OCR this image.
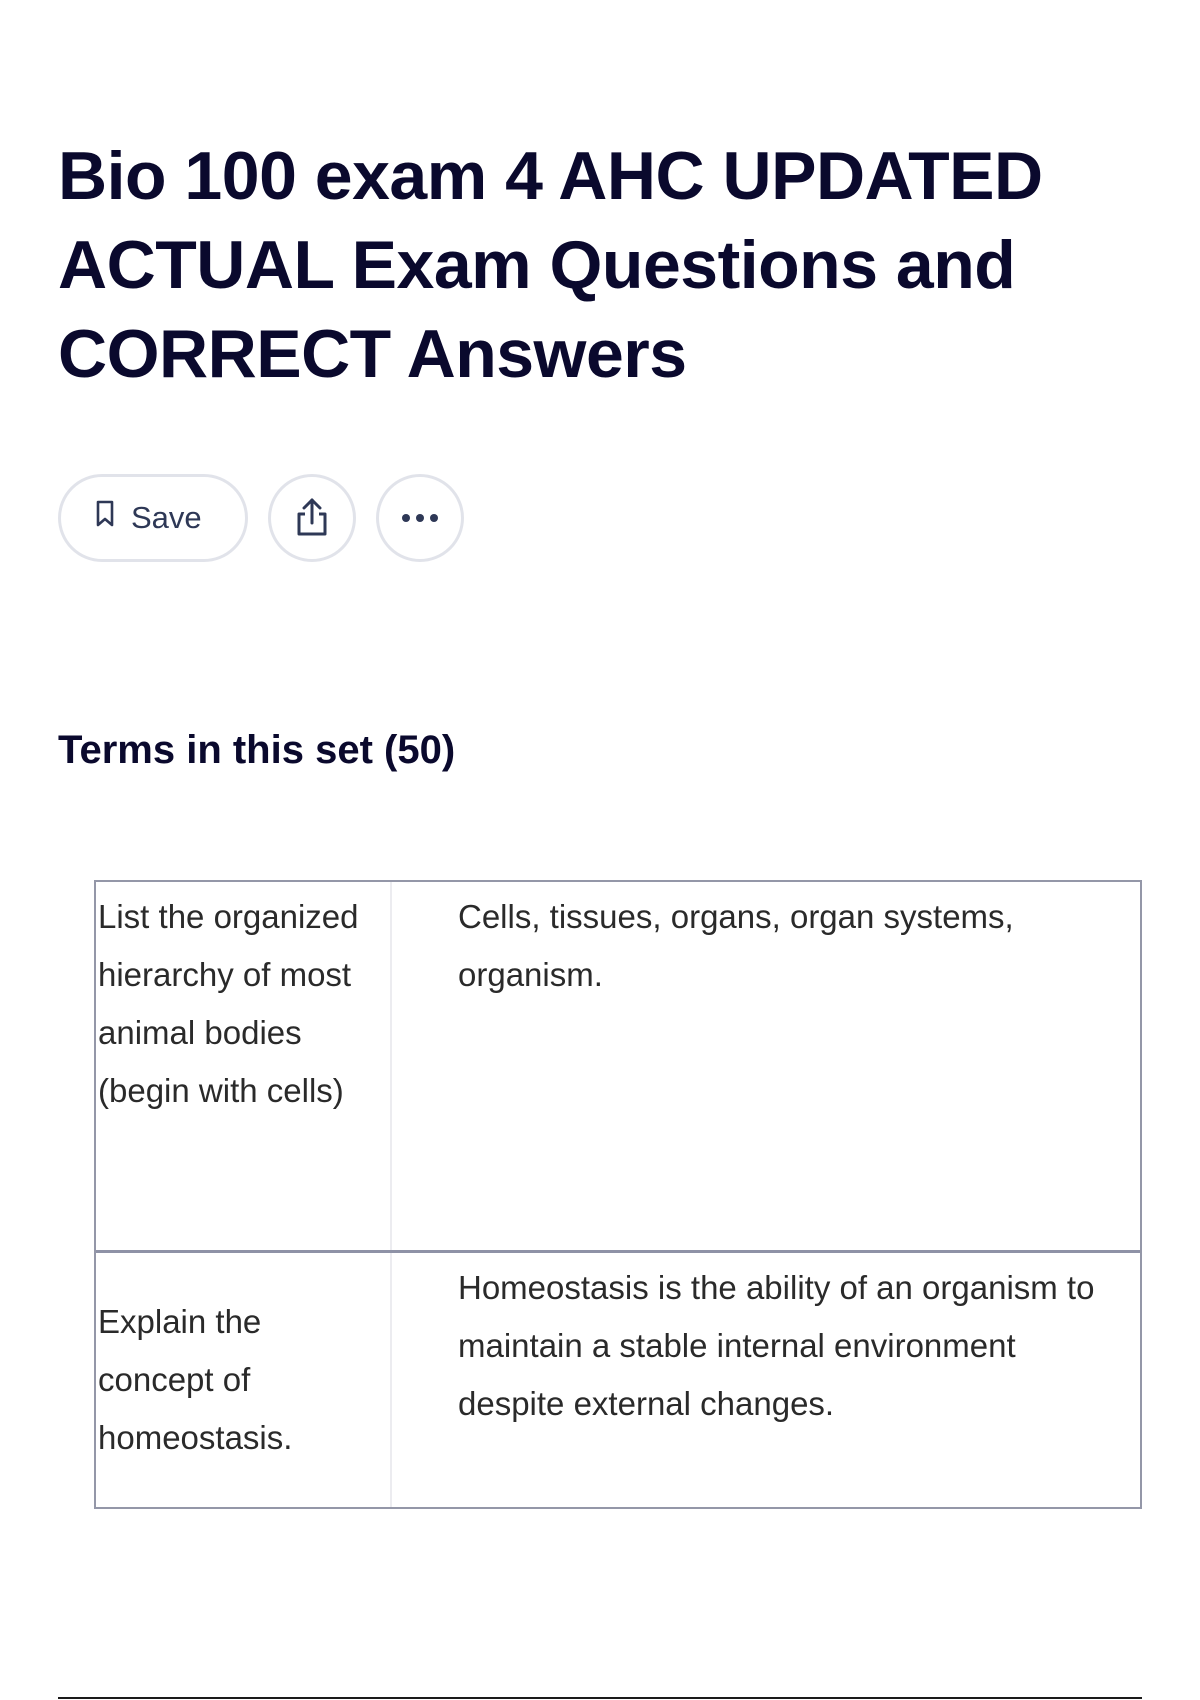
Bio 100 exam 4 AHC UPDATED ACTUAL Exam Questions and CORRECT Answers
Save
Terms in this set (50)
List the organized hierarchy of most animal bodies (begin with cells)
Cells, tissues, organs, organ systems, organism.
Explain the concept of homeostasis.
Homeostasis is the ability of an organism to maintain a stable internal environment despite external changes.
